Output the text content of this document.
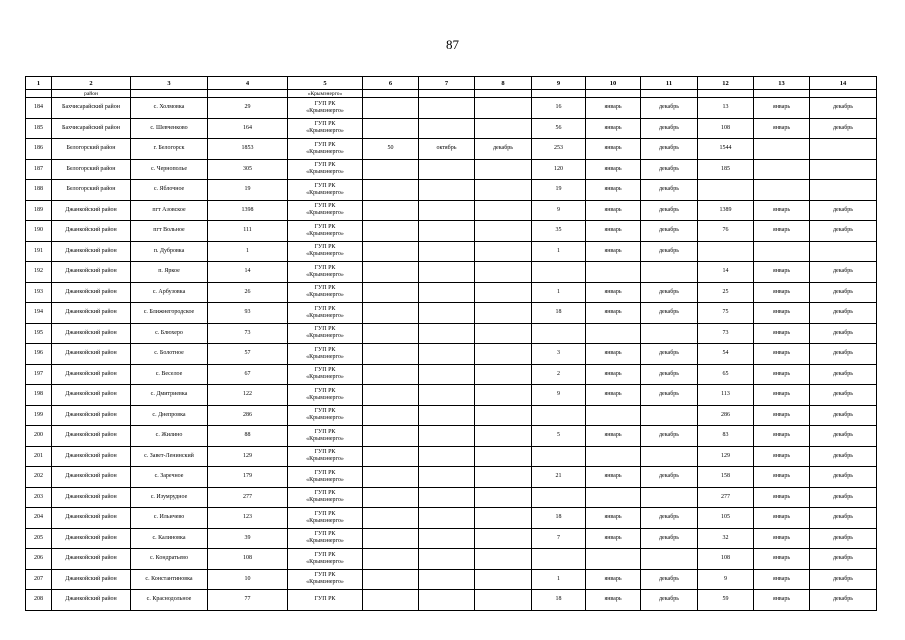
87
1	2	3	4	5	6	7	8	9	10	11	12	13	14
	район			«Крымэнерго»									
184	Бахчисарайский район	с. Холмовка	29	ГУП РК
«Крымэнерго»				16	январь	декабрь	13	январь	декабрь
185	Бахчисарайский район	с. Шевченково	164	ГУП РК
«Крымэнерго»				56	январь	декабрь	108	январь	декабрь
186	Белогорский район	г. Белогорск	1853	ГУП РК
«Крымэнерго»	50	октябрь	декабрь	253	январь	декабрь	1544		
187	Белогорский район	с. Чернополье	305	ГУП РК
«Крымэнерго»				120	январь	декабрь	185		
188	Белогорский район	с. Яблочное	19	ГУП РК
«Крымэнерго»				19	январь	декабрь			
189	Джанкойский район	пгт Азовское	1398	ГУП РК
«Крымэнерго»				9	январь	декабрь	1389	январь	декабрь
190	Джанкойский район	пгт Вольное	111	ГУП РК
«Крымэнерго»				35	январь	декабрь	76	январь	декабрь
191	Джанкойский район	п. Дубровка	1	ГУП РК
«Крымэнерго»				1	январь	декабрь			
192	Джанкойский район	п. Яркое	14	ГУП РК
«Крымэнерго»							14	январь	декабрь
193	Джанкойский район	с. Арбузовка	26	ГУП РК
«Крымэнерго»				1	январь	декабрь	25	январь	декабрь
194	Джанкойский район	с. Ближнегородское	93	ГУП РК
«Крымэнерго»				18	январь	декабрь	75	январь	декабрь
195	Джанкойский район	с. Блюхеро	73	ГУП РК
«Крымэнерго»							73	январь	декабрь
196	Джанкойский район	с. Болотное	57	ГУП РК
«Крымэнерго»				3	январь	декабрь	54	январь	декабрь
197	Джанкойский район	с. Веселое	67	ГУП РК
«Крымэнерго»				2	январь	декабрь	65	январь	декабрь
198	Джанкойский район	с. Дмитриевка	122	ГУП РК
«Крымэнерго»				9	январь	декабрь	113	январь	декабрь
199	Джанкойский район	с. Днепровка	286	ГУП РК
«Крымэнерго»							286	январь	декабрь
200	Джанкойский район	с. Жилино	88	ГУП РК
«Крымэнерго»				5	январь	декабрь	83	январь	декабрь
201	Джанкойский район	с. Завет-Ленинский	129	ГУП РК
«Крымэнерго»							129	январь	декабрь
202	Джанкойский район	с. Заречное	179	ГУП РК
«Крымэнерго»				21	январь	декабрь	158	январь	декабрь
203	Джанкойский район	с. Изумрудное	277	ГУП РК
«Крымэнерго»							277	январь	декабрь
204	Джанкойский район	с. Ильичево	123	ГУП РК
«Крымэнерго»				18	январь	декабрь	105	январь	декабрь
205	Джанкойский район	с. Калиновка	39	ГУП РК
«Крымэнерго»				7	январь	декабрь	32	январь	декабрь
206	Джанкойский район	с. Кондратьево	108	ГУП РК
«Крымэнерго»							108	январь	декабрь
207	Джанкойский район	с. Константиновка	10	ГУП РК
«Крымэнерго»				1	январь	декабрь	9	январь	декабрь
208	Джанкойский район	с. Краснодольное	77	ГУП РК				18	январь	декабрь	59	январь	декабрь
